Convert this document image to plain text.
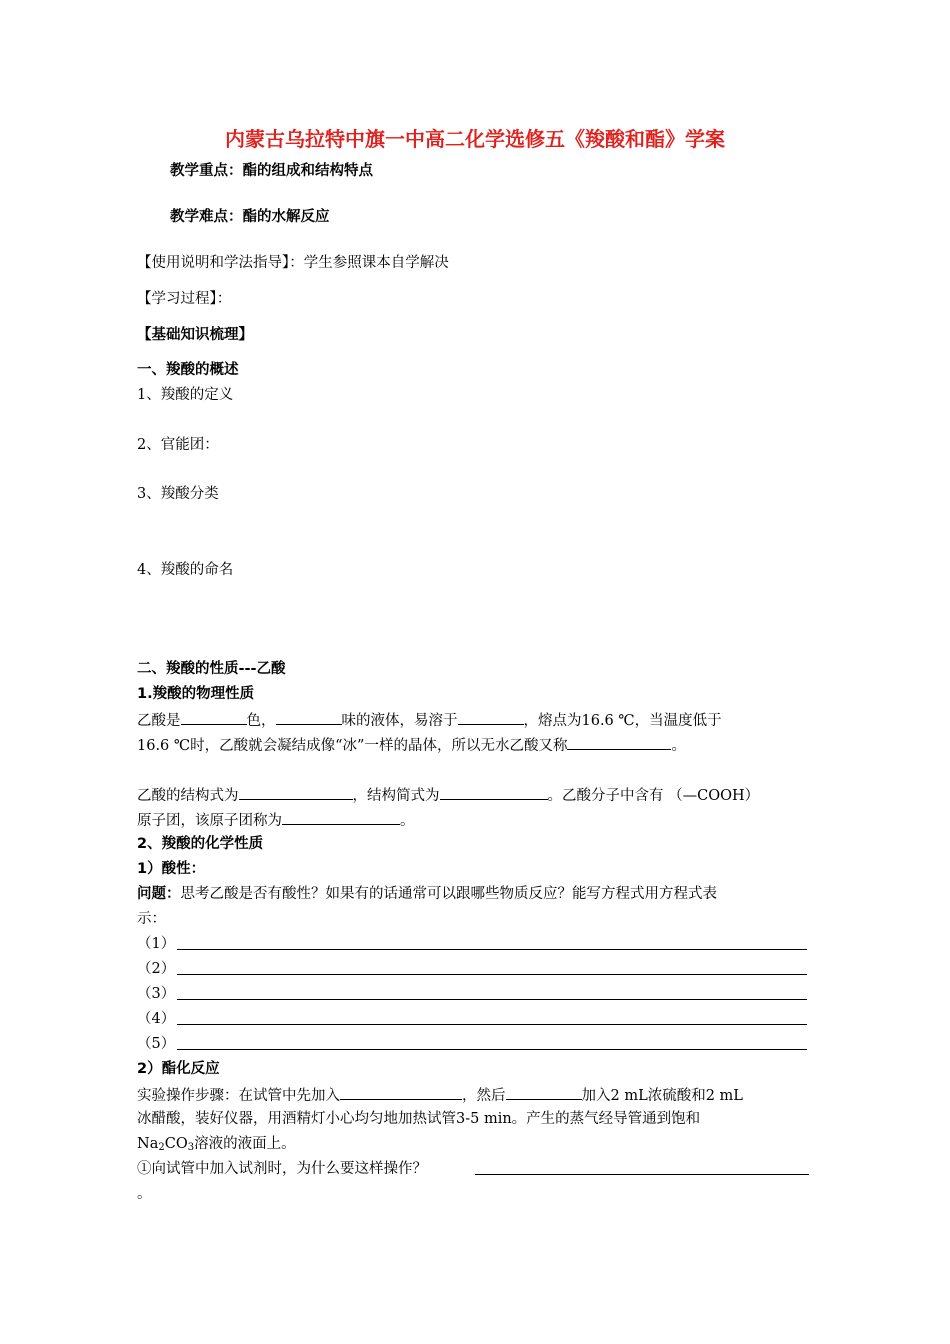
内蒙古乌拉特中旗一中高二化学选修五《羧酸和酯》学案
教学重点：酯的组成和结构特点
教学难点：酯的水解反应
【使用说明和学法指导】：学生参照课本自学解决
【学习过程】：
【基础知识梳理】
一、羧酸的概述
1、羧酸的定义
2、官能团：
3、羧酸分类
4、羧酸的命名
二、羧酸的性质---乙酸
1.羧酸的物理性质
乙酸是	色，	味的液体，易溶于	，熔点为16.6 ℃，当温度低于
16.6 ℃时，乙酸就会凝结成像“冰”一样的晶体，所以无水乙酸又称	。
乙酸的结构式为	，结构简式为	。乙酸分子中含有 （—COOH）
原子团，该原子团称为	。
2、羧酸的化学性质
1）酸性：
问题：思考乙酸是否有酸性？如果有的话通常可以跟哪些物质反应？能写方程式用方程式表
示：
（1）
（2）
（3）
（4）
（5）
2）酯化反应
实验操作步骤：在试管中先加入	，然后	加入2 mL浓硫酸和2 mL
冰醋酸，装好仪器，用酒精灯小心均匀地加热试管3-5 min。产生的蒸气经导管通到饱和
$Na_2CO_3$溶液的液面上。
①向试管中加入试剂时，为什么要这样操作？
。
